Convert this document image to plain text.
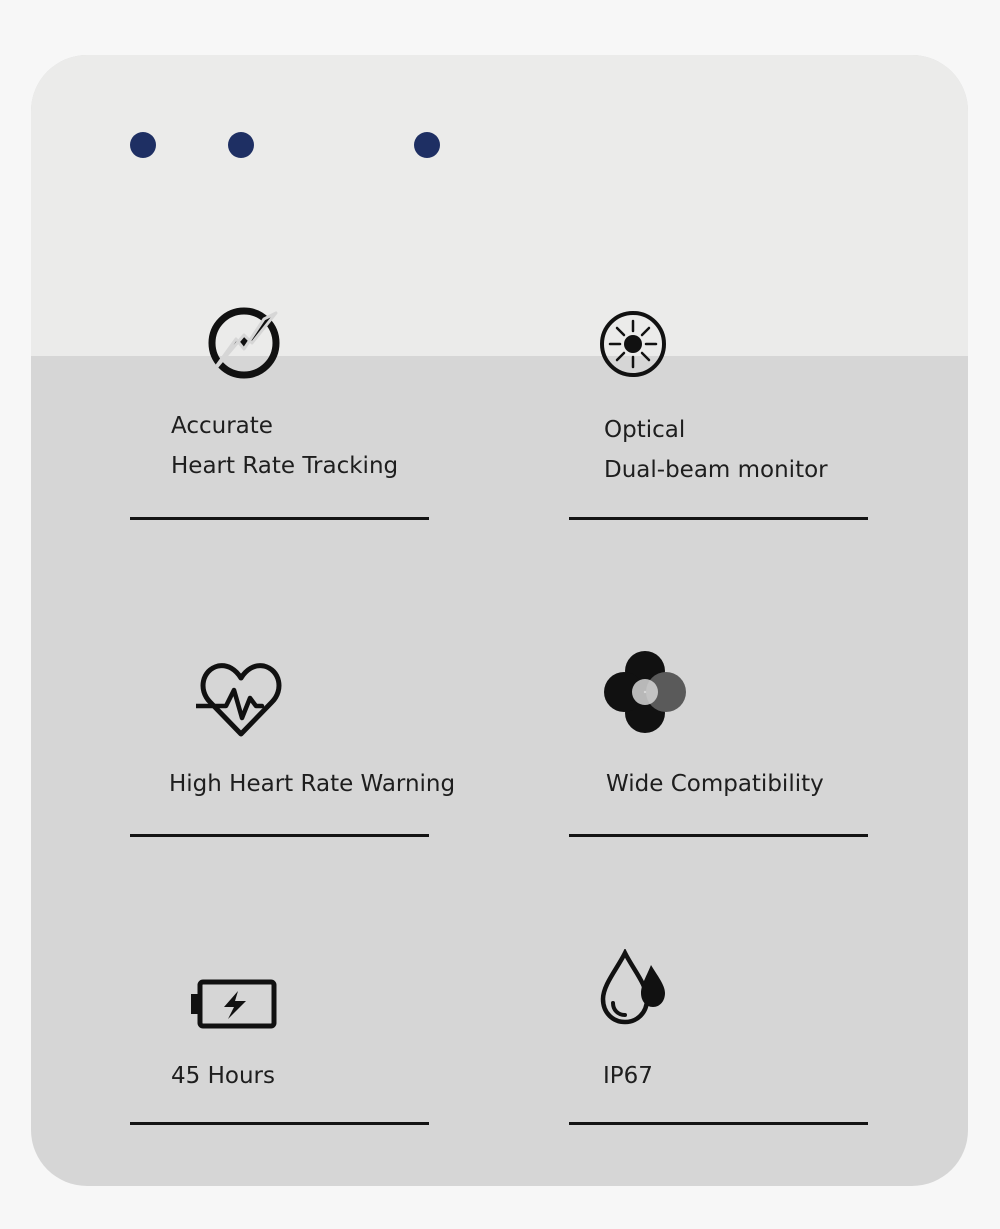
Accurate
Heart Rate Tracking
Optical
Dual-beam monitor
High Heart Rate Warning	Wide Compatibility
45 Hours	IP67
